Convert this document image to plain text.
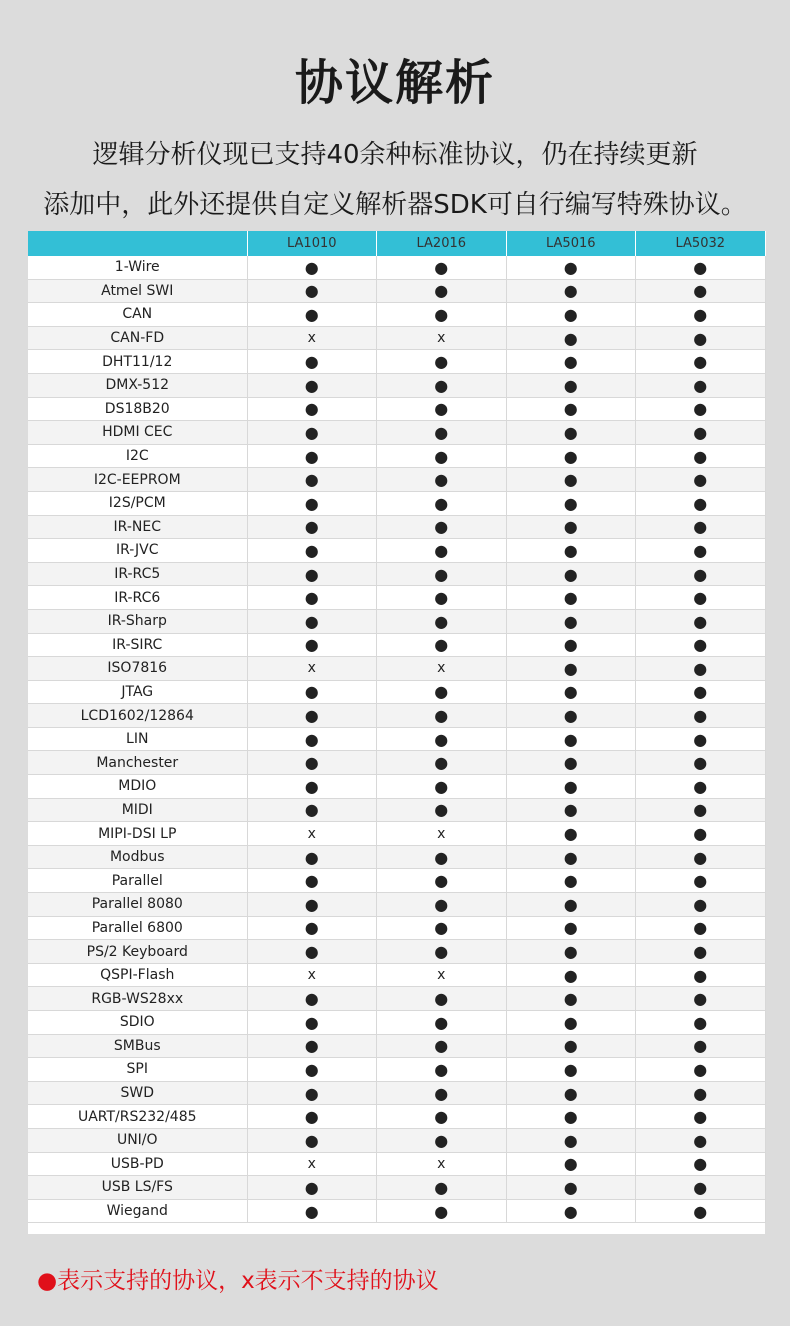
协议解析
逻辑分析仪现已支持40余种标准协议，仍在持续更新
添加中，此外还提供自定义解析器SDK可自行编写特殊协议。
	LA1010	LA2016	LA5016	LA5032
1-Wire	●	●	●	●
Atmel SWI	●	●	●	●
CAN	●	●	●	●
CAN-FD	x	x	●	●
DHT11/12	●	●	●	●
DMX-512	●	●	●	●
DS18B20	●	●	●	●
HDMI CEC	●	●	●	●
I2C	●	●	●	●
I2C-EEPROM	●	●	●	●
I2S/PCM	●	●	●	●
IR-NEC	●	●	●	●
IR-JVC	●	●	●	●
IR-RC5	●	●	●	●
IR-RC6	●	●	●	●
IR-Sharp	●	●	●	●
IR-SIRC	●	●	●	●
ISO7816	x	x	●	●
JTAG	●	●	●	●
LCD1602/12864	●	●	●	●
LIN	●	●	●	●
Manchester	●	●	●	●
MDIO	●	●	●	●
MIDI	●	●	●	●
MIPI-DSI LP	x	x	●	●
Modbus	●	●	●	●
Parallel	●	●	●	●
Parallel 8080	●	●	●	●
Parallel 6800	●	●	●	●
PS/2 Keyboard	●	●	●	●
QSPI-Flash	x	x	●	●
RGB-WS28xx	●	●	●	●
SDIO	●	●	●	●
SMBus	●	●	●	●
SPI	●	●	●	●
SWD	●	●	●	●
UART/RS232/485	●	●	●	●
UNI/O	●	●	●	●
USB-PD	x	x	●	●
USB LS/FS	●	●	●	●
Wiegand	●	●	●	●
●表示支持的协议，x表示不支持的协议
